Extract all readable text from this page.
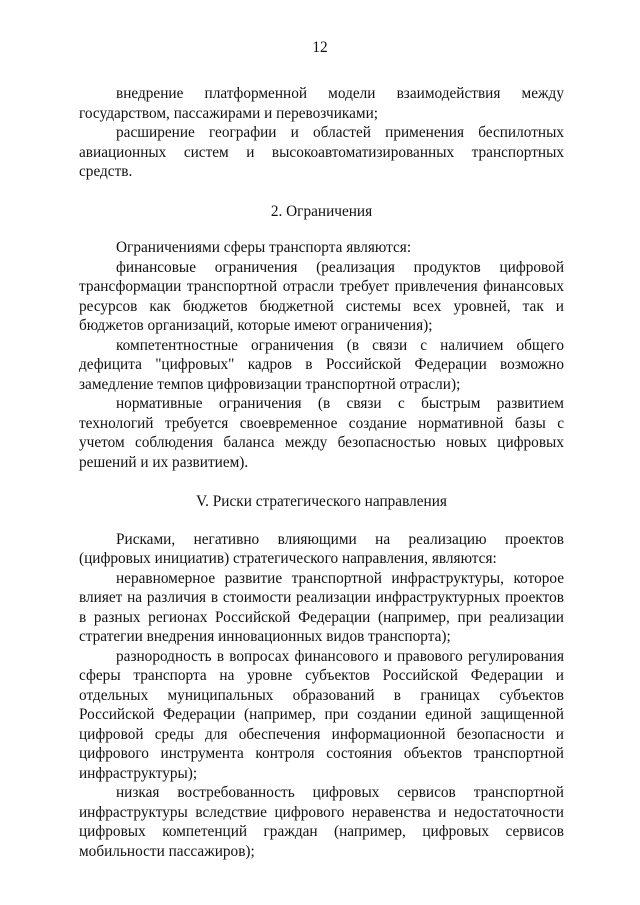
12

внедрение платформенной модели взаимодействия между государством, пассажирами и перевозчиками;

расширение географии и областей применения беспилотных авиационных систем и высокоавтоматизированных транспортных средств.

2. Ограничения

Ограничениями сферы транспорта являются:

финансовые ограничения (реализация продуктов цифровой трансформации транспортной отрасли требует привлечения финансовых ресурсов как бюджетов бюджетной системы всех уровней, так и бюджетов организаций, которые имеют ограничения);

компетентностные ограничения (в связи с наличием общего дефицита "цифровых" кадров в Российской Федерации возможно замедление темпов цифровизации транспортной отрасли);

нормативные ограничения (в связи с быстрым развитием технологий требуется своевременное создание нормативной базы с учетом соблюдения баланса между безопасностью новых цифровых решений и их развитием).

V. Риски стратегического направления

Рисками, негативно влияющими на реализацию проектов (цифровых инициатив) стратегического направления, являются:

неравномерное развитие транспортной инфраструктуры, которое влияет на различия в стоимости реализации инфраструктурных проектов в разных регионах Российской Федерации (например, при реализации стратегии внедрения инновационных видов транспорта);

разнородность в вопросах финансового и правового регулирования сферы транспорта на уровне субъектов Российской Федерации и отдельных муниципальных образований в границах субъектов Российской Федерации (например, при создании единой защищенной цифровой среды для обеспечения информационной безопасности и цифрового инструмента контроля состояния объектов транспортной инфраструктуры);

низкая востребованность цифровых сервисов транспортной инфраструктуры вследствие цифрового неравенства и недостаточности цифровых компетенций граждан (например, цифровых сервисов мобильности пассажиров);
